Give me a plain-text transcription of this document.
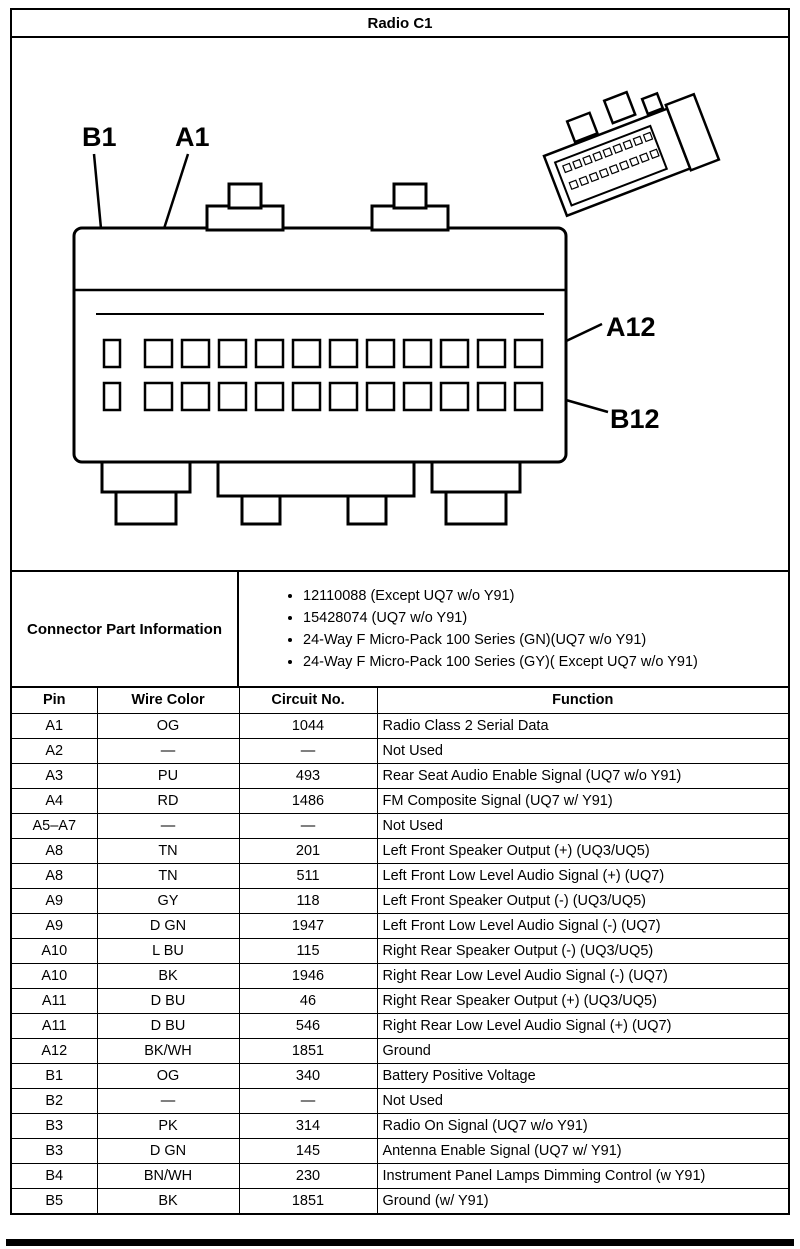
Radio C1
B1 A1
A12
B12
Connector Part Information
• 12110088 (Except UQ7 w/o Y91)
• 15428074 (UQ7 w/o Y91)
• 24-Way F Micro-Pack 100 Series (GN)(UQ7 w/o Y91)
• 24-Way F Micro-Pack 100 Series (GY)( Except UQ7 w/o Y91)
Pin	Wire Color	Circuit No.	Function
A1	OG	1044	Radio Class 2 Serial Data
A2	—	—	Not Used
A3	PU	493	Rear Seat Audio Enable Signal (UQ7 w/o Y91)
A4	RD	1486	FM Composite Signal (UQ7 w/ Y91)
A5–A7	—	—	Not Used
A8	TN	201	Left Front Speaker Output (+) (UQ3/UQ5)
A8	TN	511	Left Front Low Level Audio Signal (+) (UQ7)
A9	GY	118	Left Front Speaker Output (-) (UQ3/UQ5)
A9	D GN	1947	Left Front Low Level Audio Signal (-) (UQ7)
A10	L BU	115	Right Rear Speaker Output (-) (UQ3/UQ5)
A10	BK	1946	Right Rear Low Level Audio Signal (-) (UQ7)
A11	D BU	46	Right Rear Speaker Output (+) (UQ3/UQ5)
A11	D BU	546	Right Rear Low Level Audio Signal (+) (UQ7)
A12	BK/WH	1851	Ground
B1	OG	340	Battery Positive Voltage
B2	—	—	Not Used
B3	PK	314	Radio On Signal (UQ7 w/o Y91)
B3	D GN	145	Antenna Enable Signal (UQ7 w/ Y91)
B4	BN/WH	230	Instrument Panel Lamps Dimming Control (w Y91)
B5	BK	1851	Ground (w/ Y91)
